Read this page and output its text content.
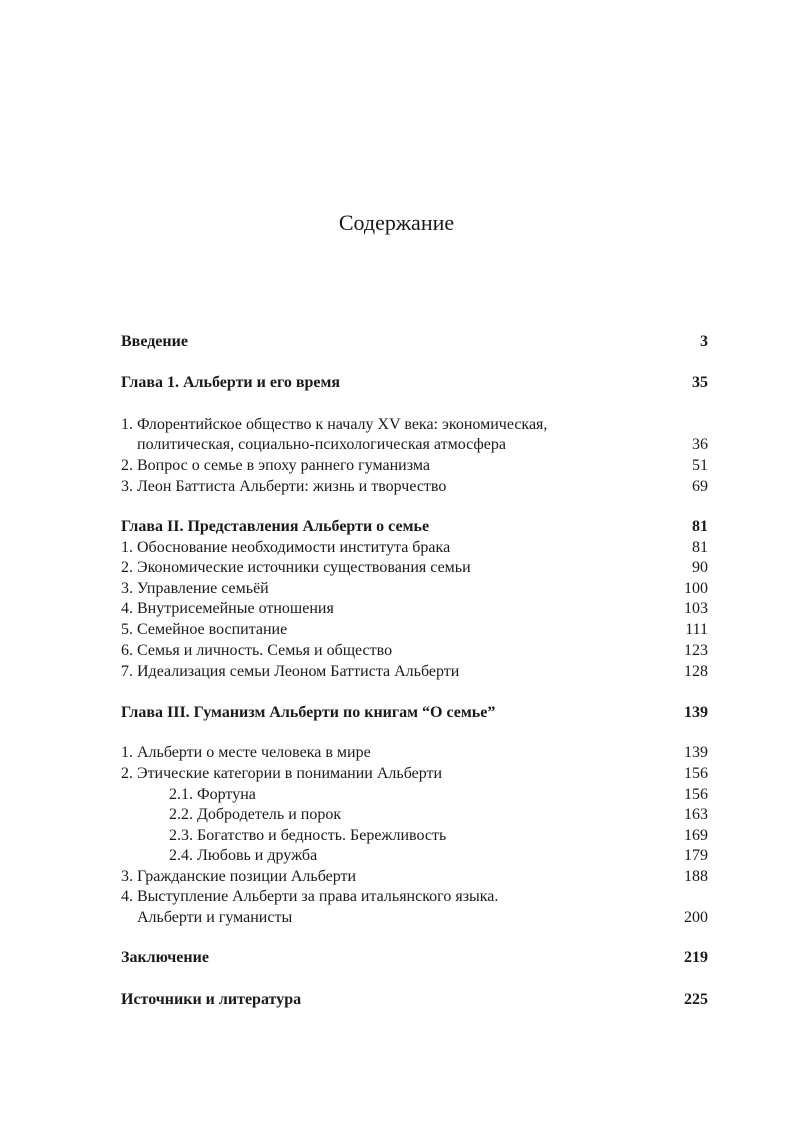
Содержание
Введение	3
Глава 1. Альберти и его время	35
1. Флорентийское общество к началу XV века: экономическая,
политическая, социально-психологическая атмосфера	36
2. Вопрос о семье в эпоху раннего гуманизма	51
3. Леон Баттиста Альберти: жизнь и творчество	69
Глава II. Представления Альберти о семье	81
1. Обоснование необходимости института брака	81
2. Экономические источники существования семьи	90
3. Управление семьёй	100
4. Внутрисемейные отношения	103
5. Семейное воспитание	111
6. Семья и личность. Семья и общество	123
7. Идеализация семьи Леоном Баттиста Альберти	128
Глава III. Гуманизм Альберти по книгам “О семье”	139
1. Альберти о месте человека в мире	139
2. Этические категории в понимании Альберти	156
2.1. Фортуна	156
2.2. Добродетель и порок	163
2.3. Богатство и бедность. Бережливость	169
2.4. Любовь и дружба	179
3. Гражданские позиции Альберти	188
4. Выступление Альберти за права итальянского языка.
Альберти и гуманисты	200
Заключение	219
Источники и литература	225
